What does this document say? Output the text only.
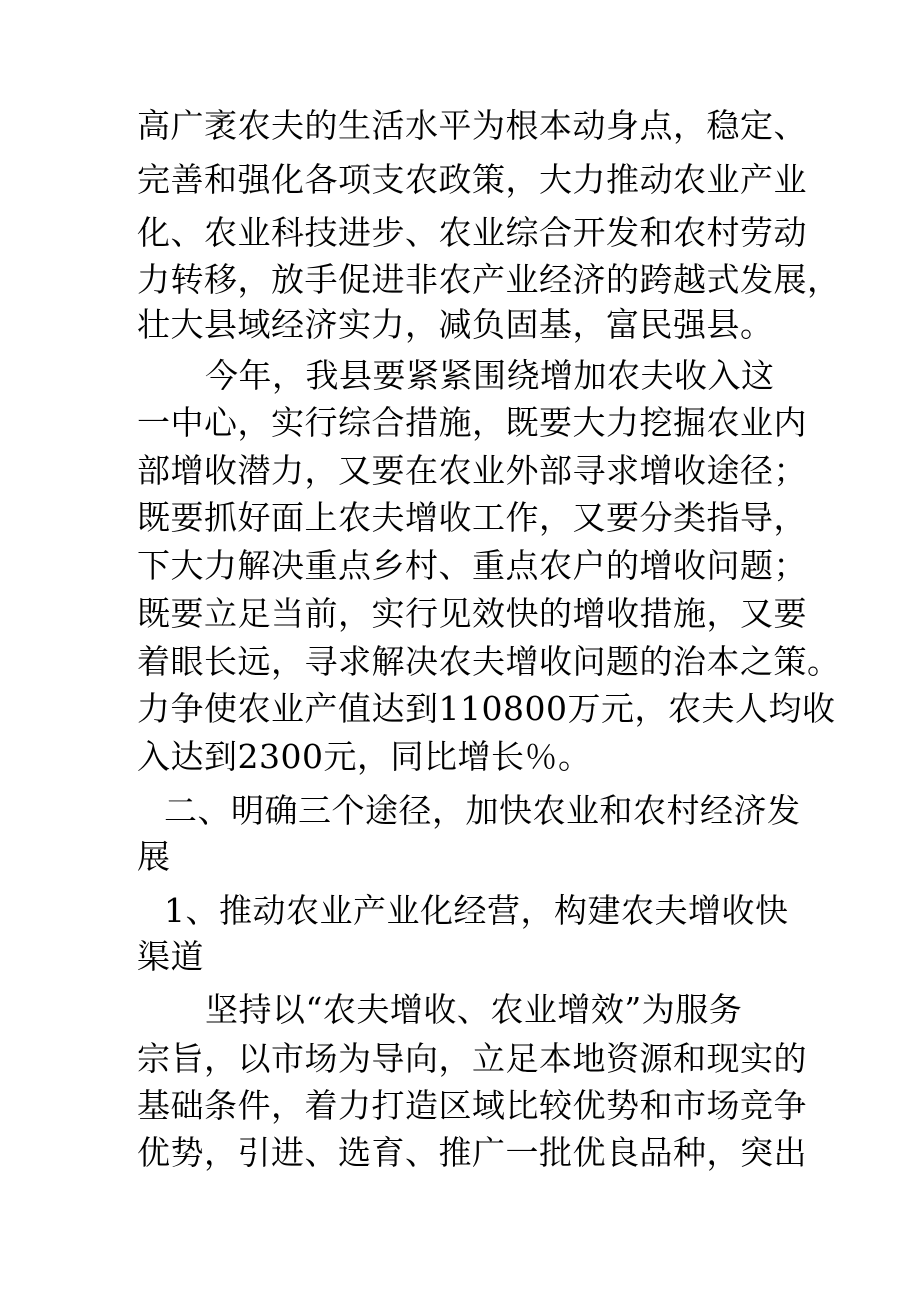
高广袤农夫的生活水平为根本动身点，稳定、
完善和强化各项支农政策，大力推动农业产业
化、农业科技进步、农业综合开发和农村劳动
力转移，放手促进非农产业经济的跨越式发展，
壮大县域经济实力，减负固基，富民强县。
今年，我县要紧紧围绕增加农夫收入这
一中心，实行综合措施，既要大力挖掘农业内
部增收潜力，又要在农业外部寻求增收途径；
既要抓好面上农夫增收工作，又要分类指导，
下大力解决重点乡村、重点农户的增收问题；
既要立足当前，实行见效快的增收措施，又要
着眼长远，寻求解决农夫增收问题的治本之策。
力争使农业产值达到110800万元，农夫人均收
入达到2300元，同比增长％。
二、明确三个途径，加快农业和农村经济发
展
1、推动农业产业化经营，构建农夫增收快
渠道
坚持以“农夫增收、农业增效”为服务
宗旨，以市场为导向，立足本地资源和现实的
基础条件，着力打造区域比较优势和市场竞争
优势，引进、选育、推广一批优良品种，突出
